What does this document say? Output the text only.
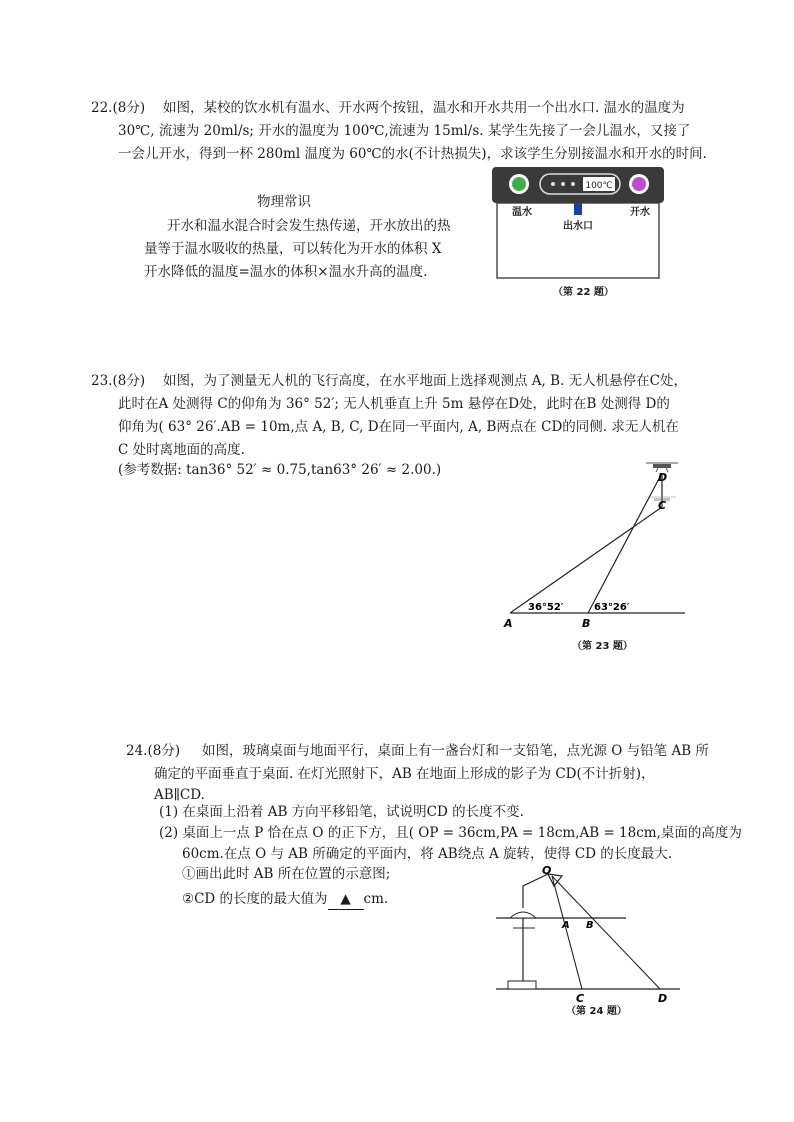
22.(8分) 如图，某校的饮水机有温水、开水两个按钮，温水和开水共用一个出水口. 温水的温度为
30℃, 流速为 20ml/s; 开水的温度为 100℃,流速为 15ml/s. 某学生先接了一会儿温水，又接了
一会儿开水，得到一杯 280ml 温度为 60℃的水(不计热损失)，求该学生分别接温水和开水的时间.
物理常识
开水和温水混合时会发生热传递，开水放出的热
量等于温水吸收的热量，可以转化为开水的体积 X
开水降低的温度=温水的体积×温水升高的温度.
100℃
温水	开水
出水口
（第 22 题）
23.(8分) 如图，为了测量无人机的飞行高度，在水平地面上选择观测点 A, B. 无人机悬停在C处，
此时在A 处测得 C的仰角为 36° 52′; 无人机垂直上升 5m 悬停在D处，此时在B 处测得 D的
仰角为( 63° 26′.AB = 10m,点 A, B, C, D在同一平面内, A, B两点在 CD的同侧. 求无人机在
C 处时离地面的高度.
(参考数据: tan36° 52′ ≈ 0.75,tan63° 26′ ≈ 2.00.)	D
C
A	B
36°52′	63°26′
（第 23 题）
24.(8分) 如图，玻璃桌面与地面平行，桌面上有一盏台灯和一支铅笔，点光源 O 与铅笔 AB 所
确定的平面垂直于桌面. 在灯光照射下，AB 在地面上形成的影子为 CD(不计折射)，
AB∥CD.
(1) 在桌面上沿着 AB 方向平移铅笔，试说明CD 的长度不变.
(2) 桌面上一点 P 恰在点 O 的正下方，且( OP = 36cm,PA = 18cm,AB = 18cm,桌面的高度为
60cm.在点 O 与 AB 所确定的平面内，将 AB绕点 A 旋转，使得 CD 的长度最大.
①画出此时 AB 所在位置的示意图;
②CD 的长度的最大值为 ▲ cm.
O
A B
C	D
（第 24 题）
